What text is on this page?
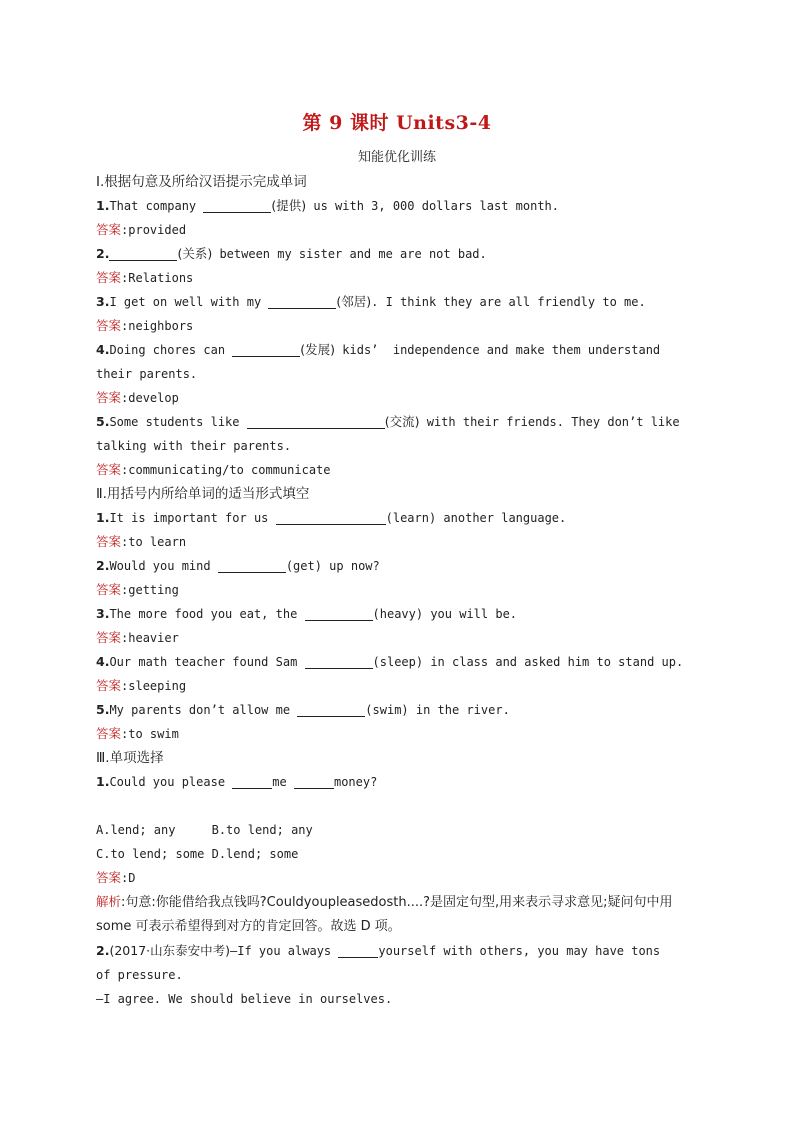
第 9 课时 Units3-4
知能优化训练
Ⅰ.根据句意及所给汉语提示完成单词
1.That company	(提供) us with 3, 000 dollars last month.
答案:provided
2.	(关系) between my sister and me are not bad.
答案:Relations
3.I get on well with my	(邻居). I think they are all friendly to me.
答案:neighbors
4.Doing chores can	(发展) kids’  independence and make them understand
their parents.
答案:develop
5.Some students like	(交流) with their friends. They don’t like
talking with their parents.
答案:communicating/to communicate
Ⅱ.用括号内所给单词的适当形式填空
1.It is important for us	(learn) another language.
答案:to learn
2.Would you mind	(get) up now?
答案:getting
3.The more food you eat, the	(heavy) you will be.
答案:heavier
4.Our math teacher found Sam	(sleep) in class and asked him to stand up.
答案:sleeping
5.My parents don’t allow me	(swim) in the river.
答案:to swim
Ⅲ.单项选择
1.Could you please	me	money?
A.lend; any     B.to lend; any
C.to lend; some D.lend; some
答案:D
解析:句意:你能借给我点钱吗?Couldyoupleasedosth....?是固定句型,用来表示寻求意见;疑问句中用 some 可表示希望得到对方的肯定回答。故选 D 项。
2.(2017·山东泰安中考)—If you always	yourself with others, you may have tons
of pressure.
—I agree. We should believe in ourselves.
